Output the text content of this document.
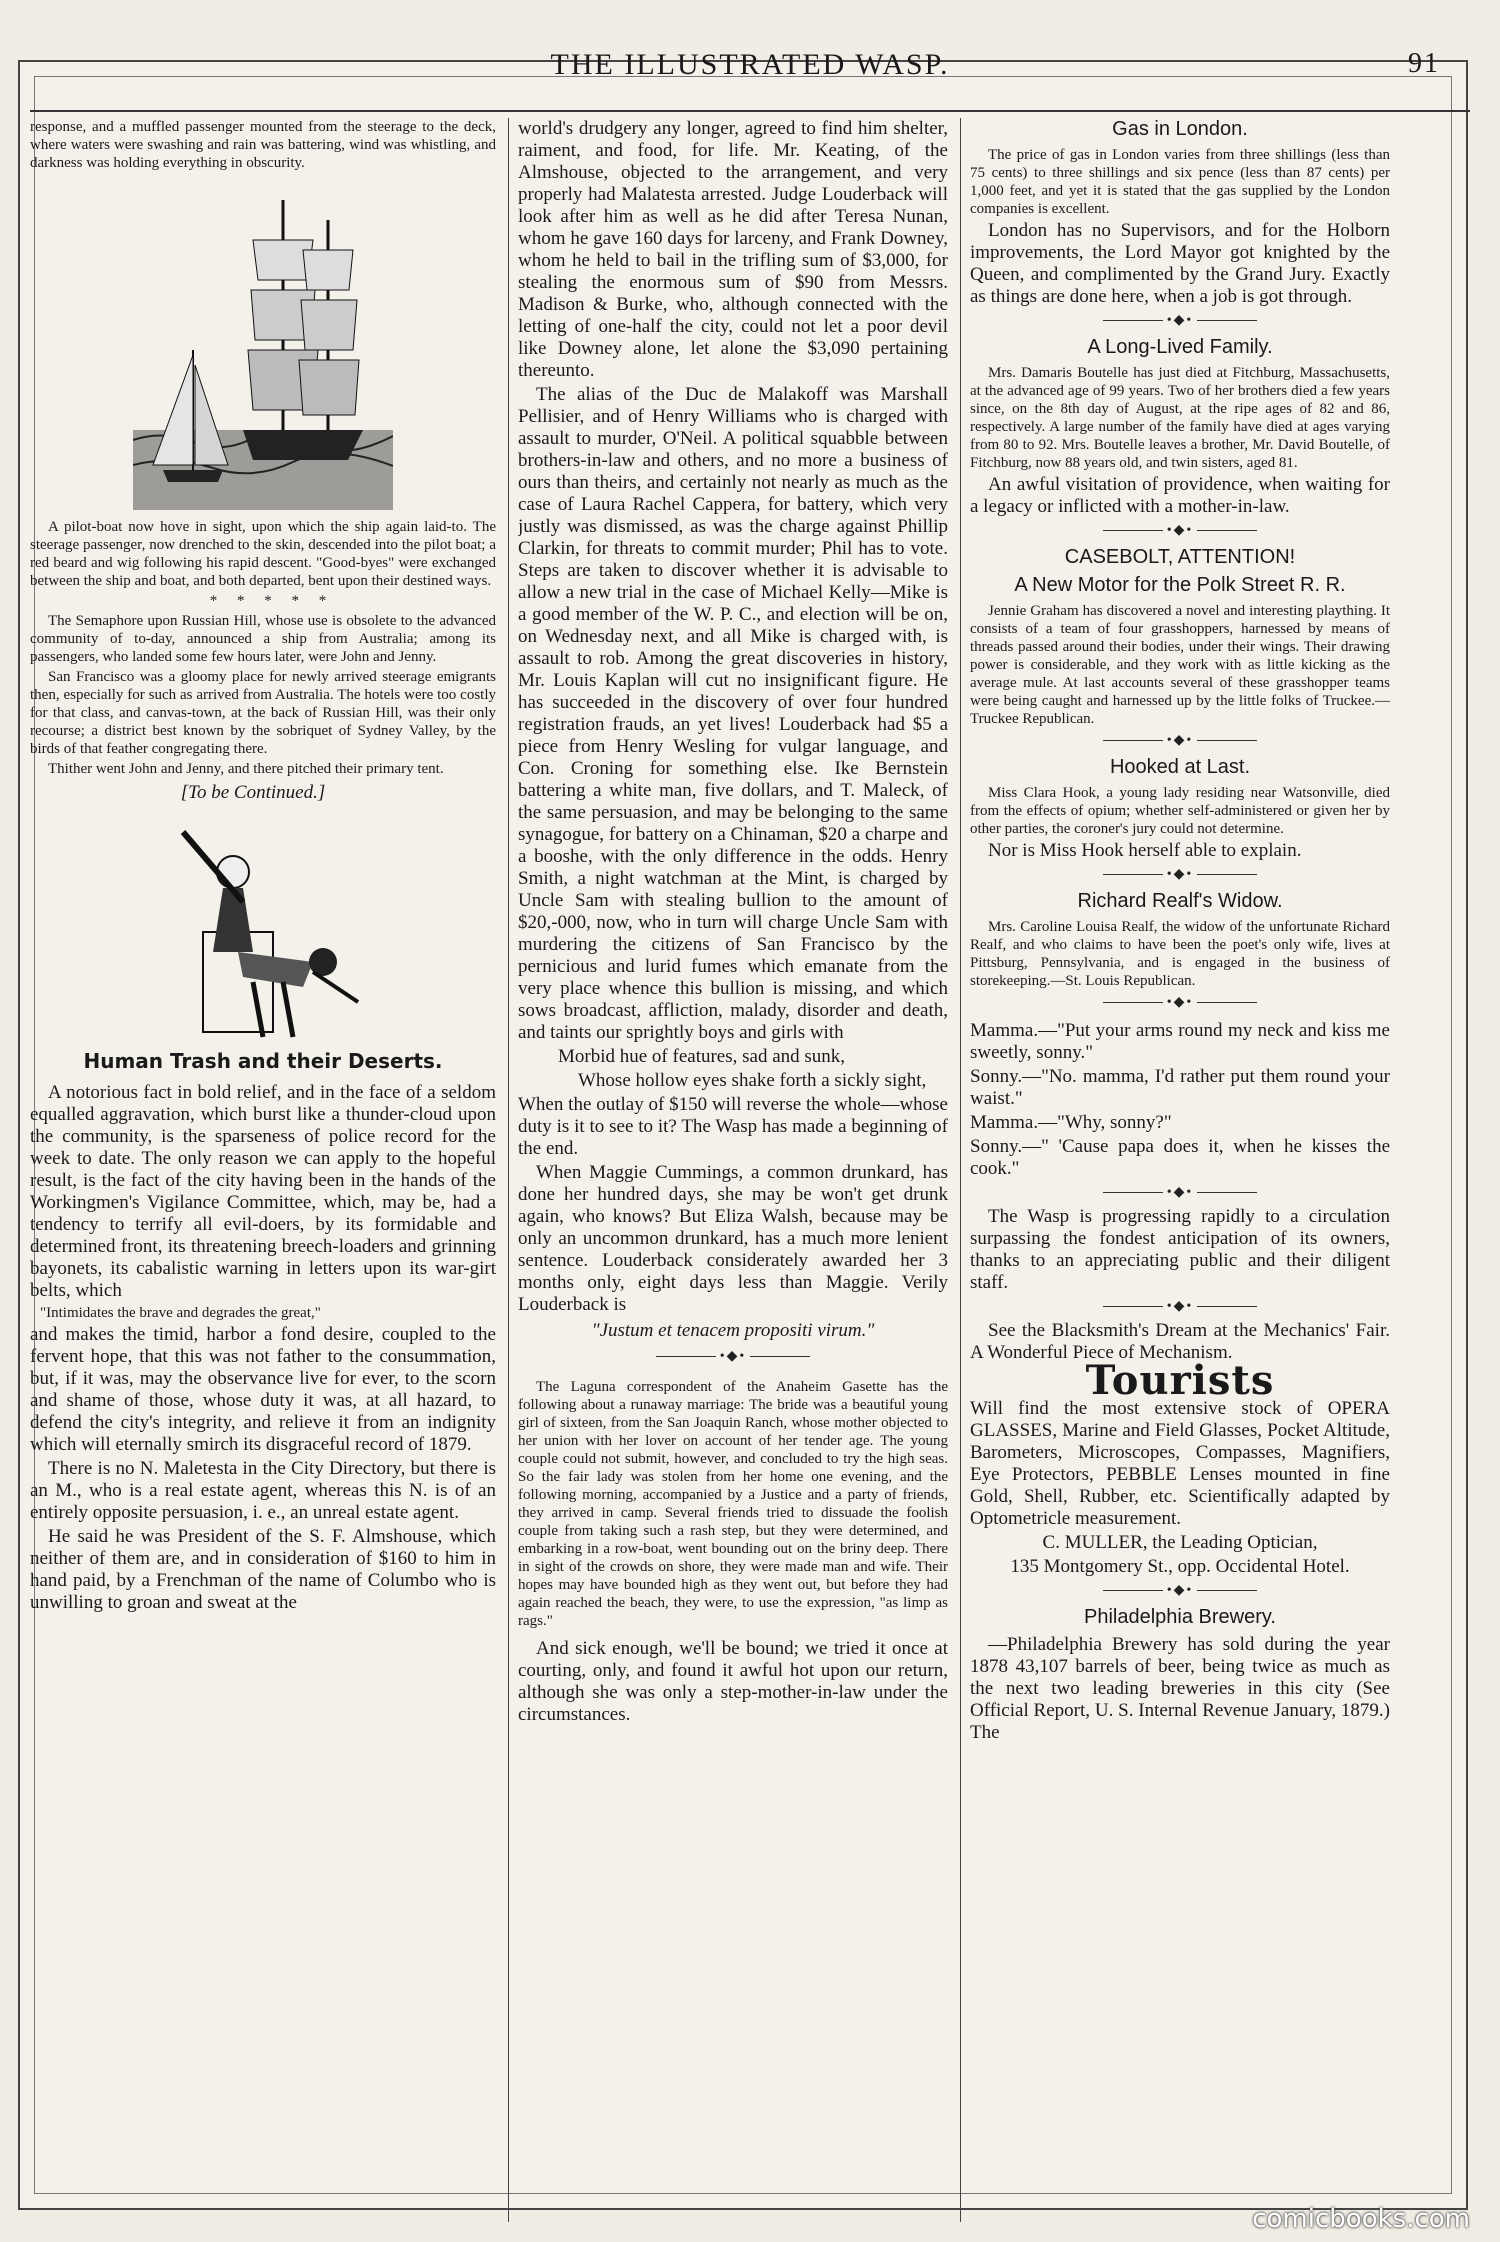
THE ILLUSTRATED WASP.	91

response, and a muffled passenger mounted from the steerage to the deck, where waters were swashing and rain was battering, wind was whistling, and darkness was holding everything in obscurity.

A pilot-boat now hove in sight, upon which the ship again laid-to. The steerage passenger, now drenched to the skin, descended into the pilot boat; a red beard and wig following his rapid descent. "Good-byes" were exchanged between the ship and boat, and both departed, bent upon their destined ways.

* * * * *

The Semaphore upon Russian Hill, whose use is obsolete to the advanced community of to-day, announced a ship from Australia; among its passengers, who landed some few hours later, were John and Jenny.

San Francisco was a gloomy place for newly arrived steerage emigrants then, especially for such as arrived from Australia. The hotels were too costly for that class, and canvas-town, at the back of Russian Hill, was their only recourse; a district best known by the sobriquet of Sydney Valley, by the birds of that feather congregating there.

Thither went John and Jenny, and there pitched their primary tent.

[To be Continued.]
Human Trash and their Deserts.

A notorious fact in bold relief, and in the face of a seldom equalled aggravation, which burst like a thunder-cloud upon the community, is the sparseness of police record for the week to date. The only reason we can apply to the hopeful result, is the fact of the city having been in the hands of the Workingmen's Vigilance Committee, which, may be, had a tendency to terrify all evil-doers, by its formidable and determined front, its threatening breech-loaders and grinning bayonets, its cabalistic warning in letters upon its war-girt belts, which

"Intimidates the brave and degrades the great,"

and makes the timid, harbor a fond desire, coupled to the fervent hope, that this was not father to the consummation, but, if it was, may the observance live for ever, to the scorn and shame of those, whose duty it was, at all hazard, to defend the city's integrity, and relieve it from an indignity which will eternally smirch its disgraceful record of 1879.

There is no N. Maletesta in the City Directory, but there is an M., who is a real estate agent, whereas this N. is of an entirely opposite persuasion, i. e., an unreal estate agent.

He said he was President of the S. F. Almshouse, which neither of them are, and in consideration of $160 to him in hand paid, by a Frenchman of the name of Columbo who is unwilling to groan and sweat at the

world's drudgery any longer, agreed to find him shelter, raiment, and food, for life. Mr. Keating, of the Almshouse, objected to the arrangement, and very properly had Malatesta arrested. Judge Louderback will look after him as well as he did after Teresa Nunan, whom he gave 160 days for larceny, and Frank Downey, whom he held to bail in the trifling sum of $3,000, for stealing the enormous sum of $90 from Messrs. Madison & Burke, who, although connected with the letting of one-half the city, could not let a poor devil like Downey alone, let alone the $3,090 pertaining thereunto.

The alias of the Duc de Malakoff was Marshall Pellisier, and of Henry Williams who is charged with assault to murder, O'Neil. A political squabble between brothers-in-law and others, and no more a business of ours than theirs, and certainly not nearly as much as the case of Laura Rachel Cappera, for battery, which very justly was dismissed, as was the charge against Phillip Clarkin, for threats to commit murder; Phil has to vote. Steps are taken to discover whether it is advisable to allow a new trial in the case of Michael Kelly—Mike is a good member of the W. P. C., and election will be on, on Wednesday next, and all Mike is charged with, is assault to rob. Among the great discoveries in history, Mr. Louis Kaplan will cut no insignificant figure. He has succeeded in the discovery of over four hundred registration frauds, an yet lives! Louderback had $5 a piece from Henry Wesling for vulgar language, and Con. Croning for something else. Ike Bernstein battering a white man, five dollars, and T. Maleck, of the same persuasion, and may be belonging to the same synagogue, for battery on a Chinaman, $20 a charpe and a booshe, with the only difference in the odds. Henry Smith, a night watchman at the Mint, is charged by Uncle Sam with stealing bullion to the amount of $20,-000, now, who in turn will charge Uncle Sam with murdering the citizens of San Francisco by the pernicious and lurid fumes which emanate from the very place whence this bullion is missing, and which sows broadcast, affliction, malady, disorder and death, and taints our sprightly boys and girls with

Morbid hue of features, sad and sunk,

Whose hollow eyes shake forth a sickly sight,

When the outlay of $150 will reverse the whole—whose duty is it to see to it? The Wasp has made a beginning of the end.

When Maggie Cummings, a common drunkard, has done her hundred days, she may be won't get drunk again, who knows? But Eliza Walsh, because may be only an uncommon drunkard, has a much more lenient sentence. Louderback considerately awarded her 3 months only, eight days less than Maggie. Verily Louderback is

"Justum et tenacem propositi virum."
•◆•

The Laguna correspondent of the Anaheim Gasette has the following about a runaway marriage: The bride was a beautiful young girl of sixteen, from the San Joaquin Ranch, whose mother objected to her union with her lover on account of her tender age. The young couple could not submit, however, and concluded to try the high seas. So the fair lady was stolen from her home one evening, and the following morning, accompanied by a Justice and a party of friends, they arrived in camp. Several friends tried to dissuade the foolish couple from taking such a rash step, but they were determined, and embarking in a row-boat, went bounding out on the briny deep. There in sight of the crowds on shore, they were made man and wife. Their hopes may have bounded high as they went out, but before they had again reached the beach, they were, to use the expression, "as limp as rags."

And sick enough, we'll be bound; we tried it once at courting, only, and found it awful hot upon our return, although she was only a step-mother-in-law under the circumstances.

Gas in London.

The price of gas in London varies from three shillings (less than 75 cents) to three shillings and six pence (less than 87 cents) per 1,000 feet, and yet it is stated that the gas supplied by the London companies is excellent.

London has no Supervisors, and for the Holborn improvements, the Lord Mayor got knighted by the Queen, and complimented by the Grand Jury. Exactly as things are done here, when a job is got through.

•◆•
A Long-Lived Family.

Mrs. Damaris Boutelle has just died at Fitchburg, Massachusetts, at the advanced age of 99 years. Two of her brothers died a few years since, on the 8th day of August, at the ripe ages of 82 and 86, respectively. A large number of the family have died at ages varying from 80 to 92. Mrs. Boutelle leaves a brother, Mr. David Boutelle, of Fitchburg, now 88 years old, and twin sisters, aged 81.

An awful visitation of providence, when waiting for a legacy or inflicted with a mother-in-law.

•◆•
CASEBOLT, ATTENTION!
A New Motor for the Polk Street R. R.

Jennie Graham has discovered a novel and interesting plaything. It consists of a team of four grasshoppers, harnessed by means of threads passed around their bodies, under their wings. Their drawing power is considerable, and they work with as little kicking as the average mule. At last accounts several of these grasshopper teams were being caught and harnessed up by the little folks of Truckee.—Truckee Republican.

•◆•
Hooked at Last.

Miss Clara Hook, a young lady residing near Watsonville, died from the effects of opium; whether self-administered or given her by other parties, the coroner's jury could not determine.

Nor is Miss Hook herself able to explain.

•◆•
Richard Realf's Widow.

Mrs. Caroline Louisa Realf, the widow of the unfortunate Richard Realf, and who claims to have been the poet's only wife, lives at Pittsburg, Pennsylvania, and is engaged in the business of storekeeping.—St. Louis Republican.

•◆•

Mamma.—"Put your arms round my neck and kiss me sweetly, sonny."

Sonny.—"No. mamma, I'd rather put them round your waist."

Mamma.—"Why, sonny?"

Sonny.—" 'Cause papa does it, when he kisses the cook."

•◆•

The Wasp is progressing rapidly to a circulation surpassing the fondest anticipation of its owners, thanks to an appreciating public and their diligent staff.

•◆•

See the Blacksmith's Dream at the Mechanics' Fair. A Wonderful Piece of Mechanism.

Tourists

Will find the most extensive stock of OPERA GLASSES, Marine and Field Glasses, Pocket Altitude, Barometers, Microscopes, Compasses, Magnifiers, Eye Protectors, PEBBLE Lenses mounted in fine Gold, Shell, Rubber, etc. Scientifically adapted by Optometricle measurement.

C. MULLER, the Leading Optician,

135 Montgomery St., opp. Occidental Hotel.

•◆•
Philadelphia Brewery.

—Philadelphia Brewery has sold during the year 1878 43,107 barrels of beer, being twice as much as the next two leading breweries in this city (See Official Report, U. S. Internal Revenue January, 1879.) The

comicbooks.com
